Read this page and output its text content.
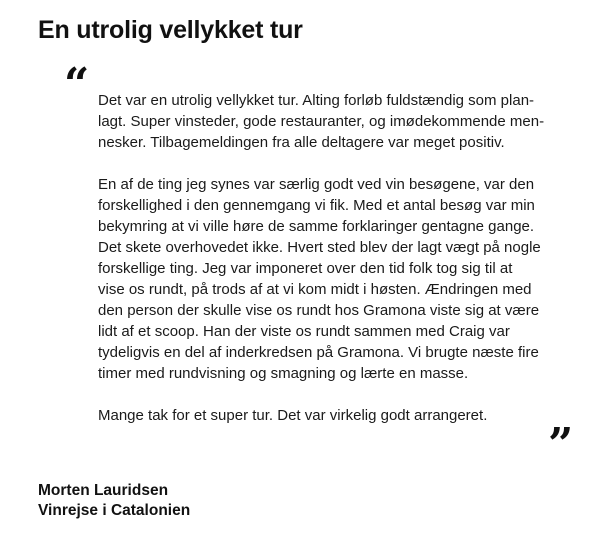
En utrolig vellykket tur
“ Det var en utrolig vellykket tur. Alting forløb fuldstændig som plan-
lagt. Super vinsteder, gode restauranter, og imødekommende men-
nesker. Tilbagemeldingen fra alle deltagere var meget positiv.

En af de ting jeg synes var særlig godt ved vin besøgene, var den
forskellighed i den gennemgang vi fik. Med et antal besøg var min
bekymring at vi ville høre de samme forklaringer gentagne gange.
Det skete overhovedet ikke. Hvert sted blev der lagt vægt på nogle
forskellige ting. Jeg var imponeret over den tid folk tog sig til at
vise os rundt, på trods af at vi kom midt i høsten. Ændringen med
den person der skulle vise os rundt hos Gramona viste sig at være
lidt af et scoop. Han der viste os rundt sammen med Craig var
tydeligvis en del af inderkredsen på Gramona. Vi brugte næste fire
timer med rundvisning og smagning og lærte en masse.

Mange tak for et super tur. Det var virkelig godt arrangeret.

”
Morten Lauridsen
Vinrejse i Catalonien
